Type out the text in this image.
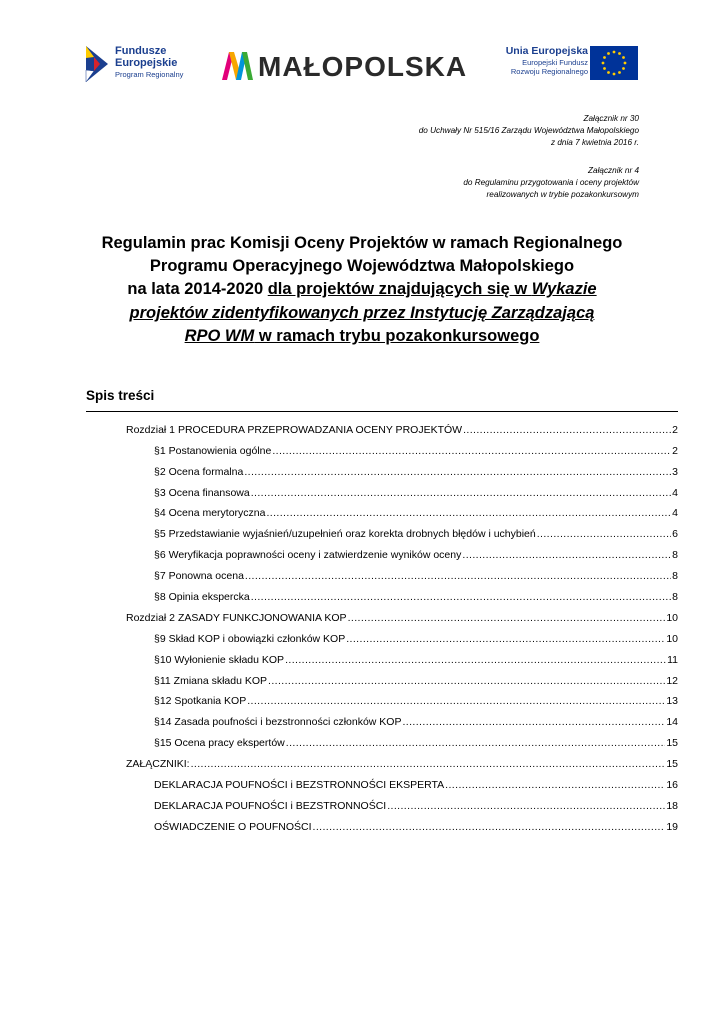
Fundusze
Europejskie
Program Regionalny	MAŁOPOLSKA	Unia Europejska
Europejski Fundusz
Rozwoju Regionalnego
Załącznik nr 30
do Uchwały Nr 515/16 Zarządu Województwa Małopolskiego
z dnia 7 kwietnia 2016 r.
Załącznik nr 4
do Regulaminu przygotowania i oceny projektów
realizowanych w trybie pozakonkursowym
Regulamin prac Komisji Oceny Projektów w ramach Regionalnego
Programu Operacyjnego Województwa Małopolskiego
na lata 2014-2020 dla projektów znajdujących się w Wykazie
projektów zidentyfikowanych przez Instytucję Zarządzającą
RPO WM w ramach trybu pozakonkursowego
Spis treści
Rozdział 1 PROCEDURA PRZEPROWADZANIA OCENY PROJEKTÓW .....	2
§1 Postanowienia ogólne .....	2
§2 Ocena formalna .....	3
§3 Ocena finansowa .....	4
§4 Ocena merytoryczna .....	4
§5 Przedstawianie wyjaśnień/uzupełnień oraz korekta drobnych błędów i uchybień .....	6
§6 Weryfikacja poprawności oceny i zatwierdzenie wyników oceny .....	8
§7 Ponowna ocena .....	8
§8 Opinia ekspercka .....	8
Rozdział 2 ZASADY FUNKCJONOWANIA KOP .....	10
§9 Skład KOP i obowiązki członków KOP .....	10
§10 Wyłonienie składu KOP .....	11
§11 Zmiana składu KOP .....	12
§12 Spotkania KOP .....	13
§14 Zasada poufności i bezstronności członków KOP .....	14
§15 Ocena pracy ekspertów .....	15
ZAŁĄCZNIKI: .....	15
DEKLARACJA POUFNOŚCI i BEZSTRONNOŚCI EKSPERTA .....	16
DEKLARACJA POUFNOŚCI i BEZSTRONNOŚCI .....	18
OŚWIADCZENIE O POUFNOŚCI .....	19
